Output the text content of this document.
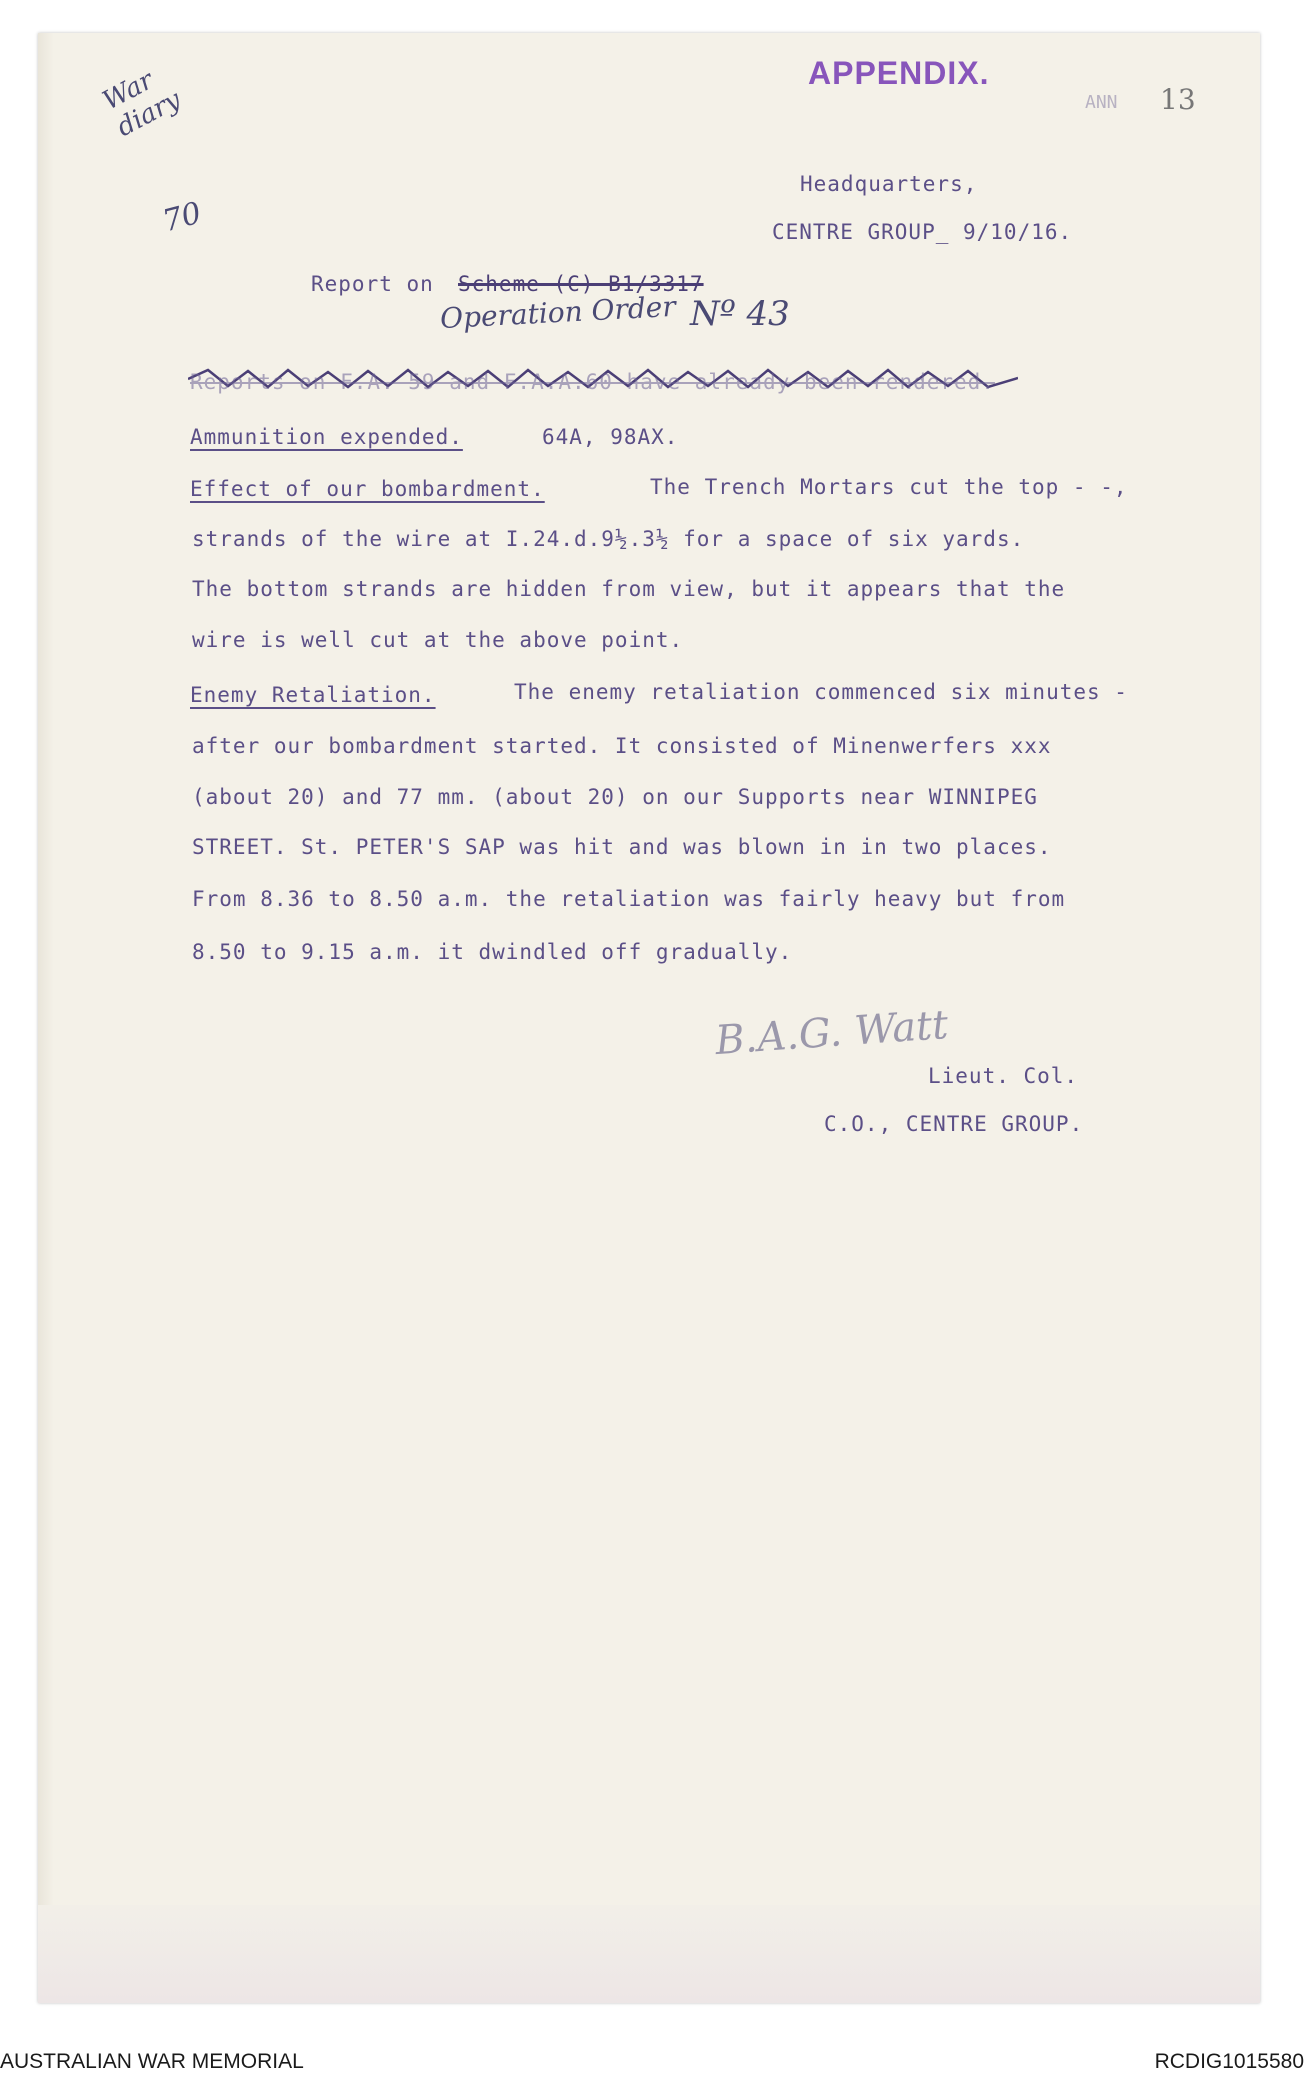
APPENDIX.
ANN 13
War diary
70
Headquarters,
CENTRE GROUP_ 9/10/16.
Report on Scheme (C) B1/3317
Operation Order Nº 43
Reports on F.A. 59 and F.A.A.60 have already been rendered.
Ammunition expended.	64A, 98AX.
Effect of our bombardment.	The Trench Mortars cut the top - -,
strands of the wire at I.24.d.9½.3½ for a space of six yards.
The bottom strands are hidden from view, but it appears that the
wire is well cut at the above point.
Enemy Retaliation.	The enemy retaliation commenced six minutes -
after our bombardment started. It consisted of Minenwerfers xxx
(about 20) and 77 mm. (about 20) on our Supports near WINNIPEG
STREET. St. PETER'S SAP was hit and was blown in in two places.
From 8.36 to 8.50 a.m. the retaliation was fairly heavy but from
8.50 to 9.15 a.m. it dwindled off gradually.
B.A.G. Watt
Lieut. Col.
C.O., CENTRE GROUP.
AUSTRALIAN WAR MEMORIAL	RCDIG1015580
